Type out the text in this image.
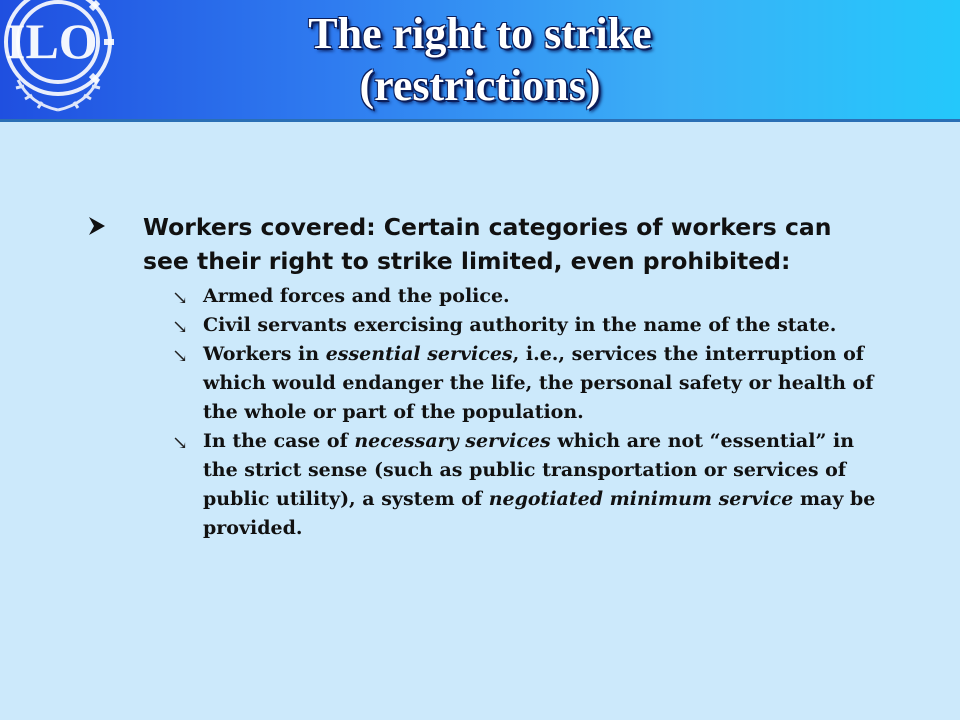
ILO	The right to strike
(restrictions)
Workers covered: Certain categories of workers can see their right to strike limited, even prohibited:
↘ Armed forces and the police.
↘ Civil servants exercising authority in the name of the state.
↘ Workers in essential services, i.e., services the interruption of which would endanger the life, the personal safety or health of the whole or part of the population.
↘ In the case of necessary services which are not “essential” in the strict sense (such as public transportation or services of public utility), a system of negotiated minimum service may be provided.
